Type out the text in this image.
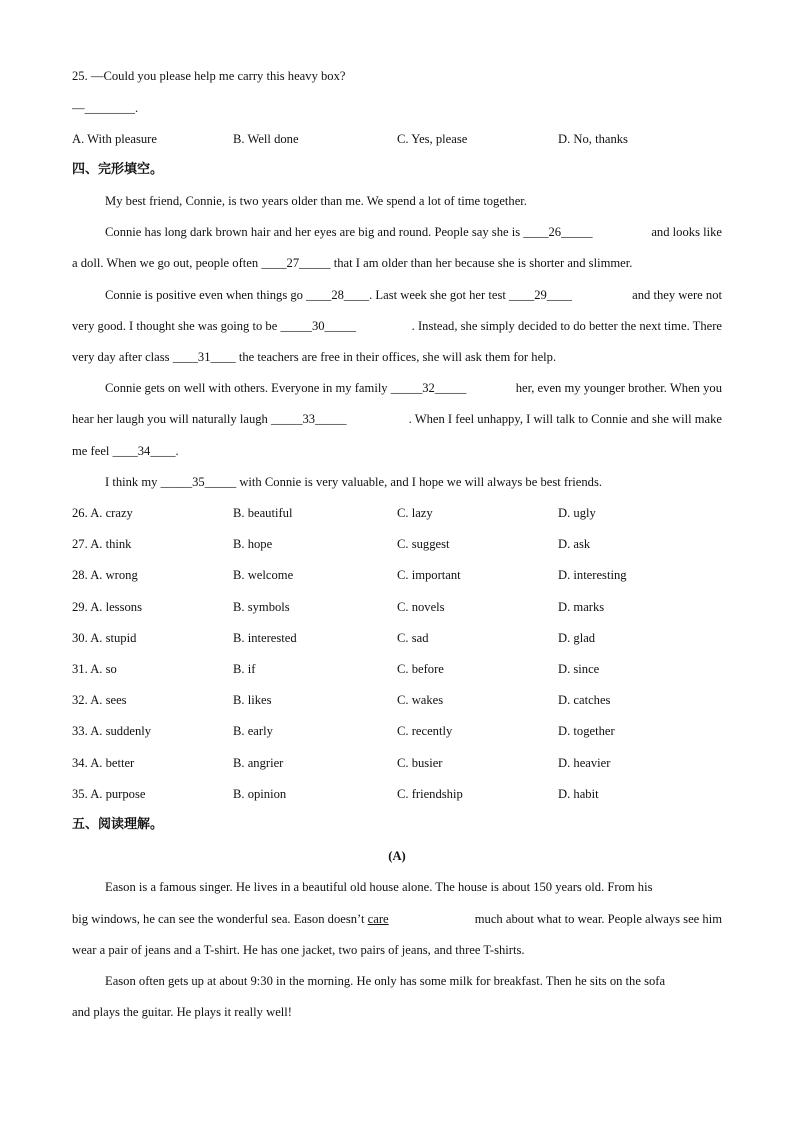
25. —Could you please help me carry this heavy box?
—________.
A. With pleasure	B. Well done	C. Yes, please	D. No, thanks
四、完形填空。
My best friend, Connie, is two years older than me. We spend a lot of time together.
Connie has long dark brown hair and her eyes are big and round. People say she is ____26_____	and looks like
a doll. When we go out, people often ____27_____ that I am older than her because she is shorter and slimmer.
Connie is positive even when things go ____28____. Last week she got her test ____29____	and they were not
very good. I thought she was going to be _____30_____	. Instead, she simply decided to do better the next time. There
very day after class ____31____ the teachers are free in their offices, she will ask them for help.
Connie gets on well with others. Everyone in my family _____32_____	her, even my younger brother. When you
hear her laugh you will naturally laugh _____33_____	. When I feel unhappy, I will talk to Connie and she will make
me feel ____34____.
I think my _____35_____ with Connie is very valuable, and I hope we will always be best friends.
26. A. crazy	B. beautiful	C. lazy	D. ugly
27. A. think	B. hope	C. suggest	D. ask
28. A. wrong	B. welcome	C. important	D. interesting
29. A. lessons	B. symbols	C. novels	D. marks
30. A. stupid	B. interested	C. sad	D. glad
31. A. so	B. if	C. before	D. since
32. A. sees	B. likes	C. wakes	D. catches
33. A. suddenly	B. early	C. recently	D. together
34. A. better	B. angrier	C. busier	D. heavier
35. A. purpose	B. opinion	C. friendship	D. habit
五、阅读理解。
(A)
Eason is a famous singer. He lives in a beautiful old house alone. The house is about 150 years old. From his
big windows, he can see the wonderful sea. Eason doesn’t care	much about what to wear. People always see him
wear a pair of jeans and a T-shirt. He has one jacket, two pairs of jeans, and three T-shirts.
Eason often gets up at about 9:30 in the morning. He only has some milk for breakfast. Then he sits on the sofa
and plays the guitar. He plays it really well!
